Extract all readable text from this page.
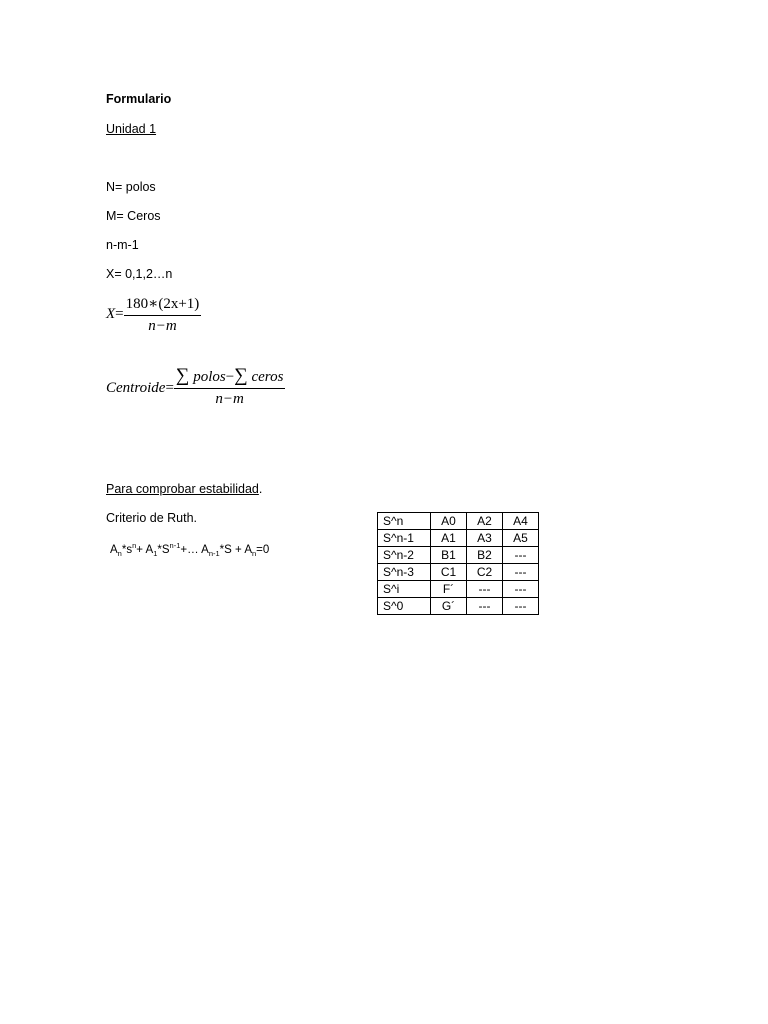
Formulario
Unidad 1
N= polos
M= Ceros
n-m-1
X= 0,1,2…n
$X = \frac{180∗(2x+1)}{n-m}$
Centroide = $\frac{\text{∑ polos−∑ ceros}}{n-m}$
Para comprobar estabilidad.
Criterio de Ruth.
$A_n*s^n+$ $A_1*S^{n-1}+\dots$ $A_{n-1}*S + A_n=0$
S^n	A0	A2	A4
S^n-1	A1	A3	A5
S^n-2	B1	B2	---
S^n-3	C1	C2	---
S^i	F´	---	---
S^0	G´	---	---
